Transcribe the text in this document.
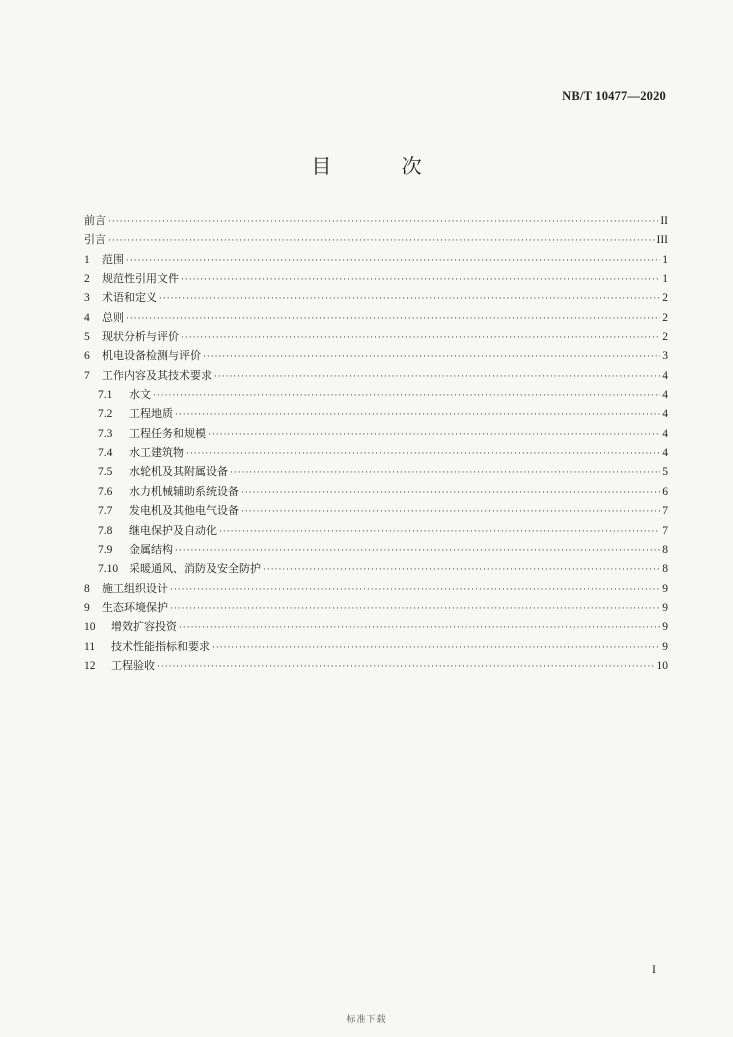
NB/T 10477—2020
目 次
前言 ·····	II
引言 ·····	III
1	范围 ·····	1
2	规范性引用文件 ·····	1
3	术语和定义 ·····	2
4	总则 ·····	2
5	现状分析与评价 ·····	2
6	机电设备检测与评价 ·····	3
7	工作内容及其技术要求 ·····	4
7.1	水文 ·····	4
7.2	工程地质 ·····	4
7.3	工程任务和规模 ·····	4
7.4	水工建筑物 ·····	4
7.5	水轮机及其附属设备 ·····	5
7.6	水力机械辅助系统设备 ·····	6
7.7	发电机及其他电气设备 ·····	7
7.8	继电保护及自动化 ·····	7
7.9	金属结构 ·····	8
7.10 采暖通风、消防及安全防护 ·····	8
8	施工组织设计 ·····	9
9	生态环境保护 ·····	9
10	增效扩容投资 ·····	9
11	技术性能指标和要求 ·····	9
12	工程验收 ·····	10
I
标准下载
